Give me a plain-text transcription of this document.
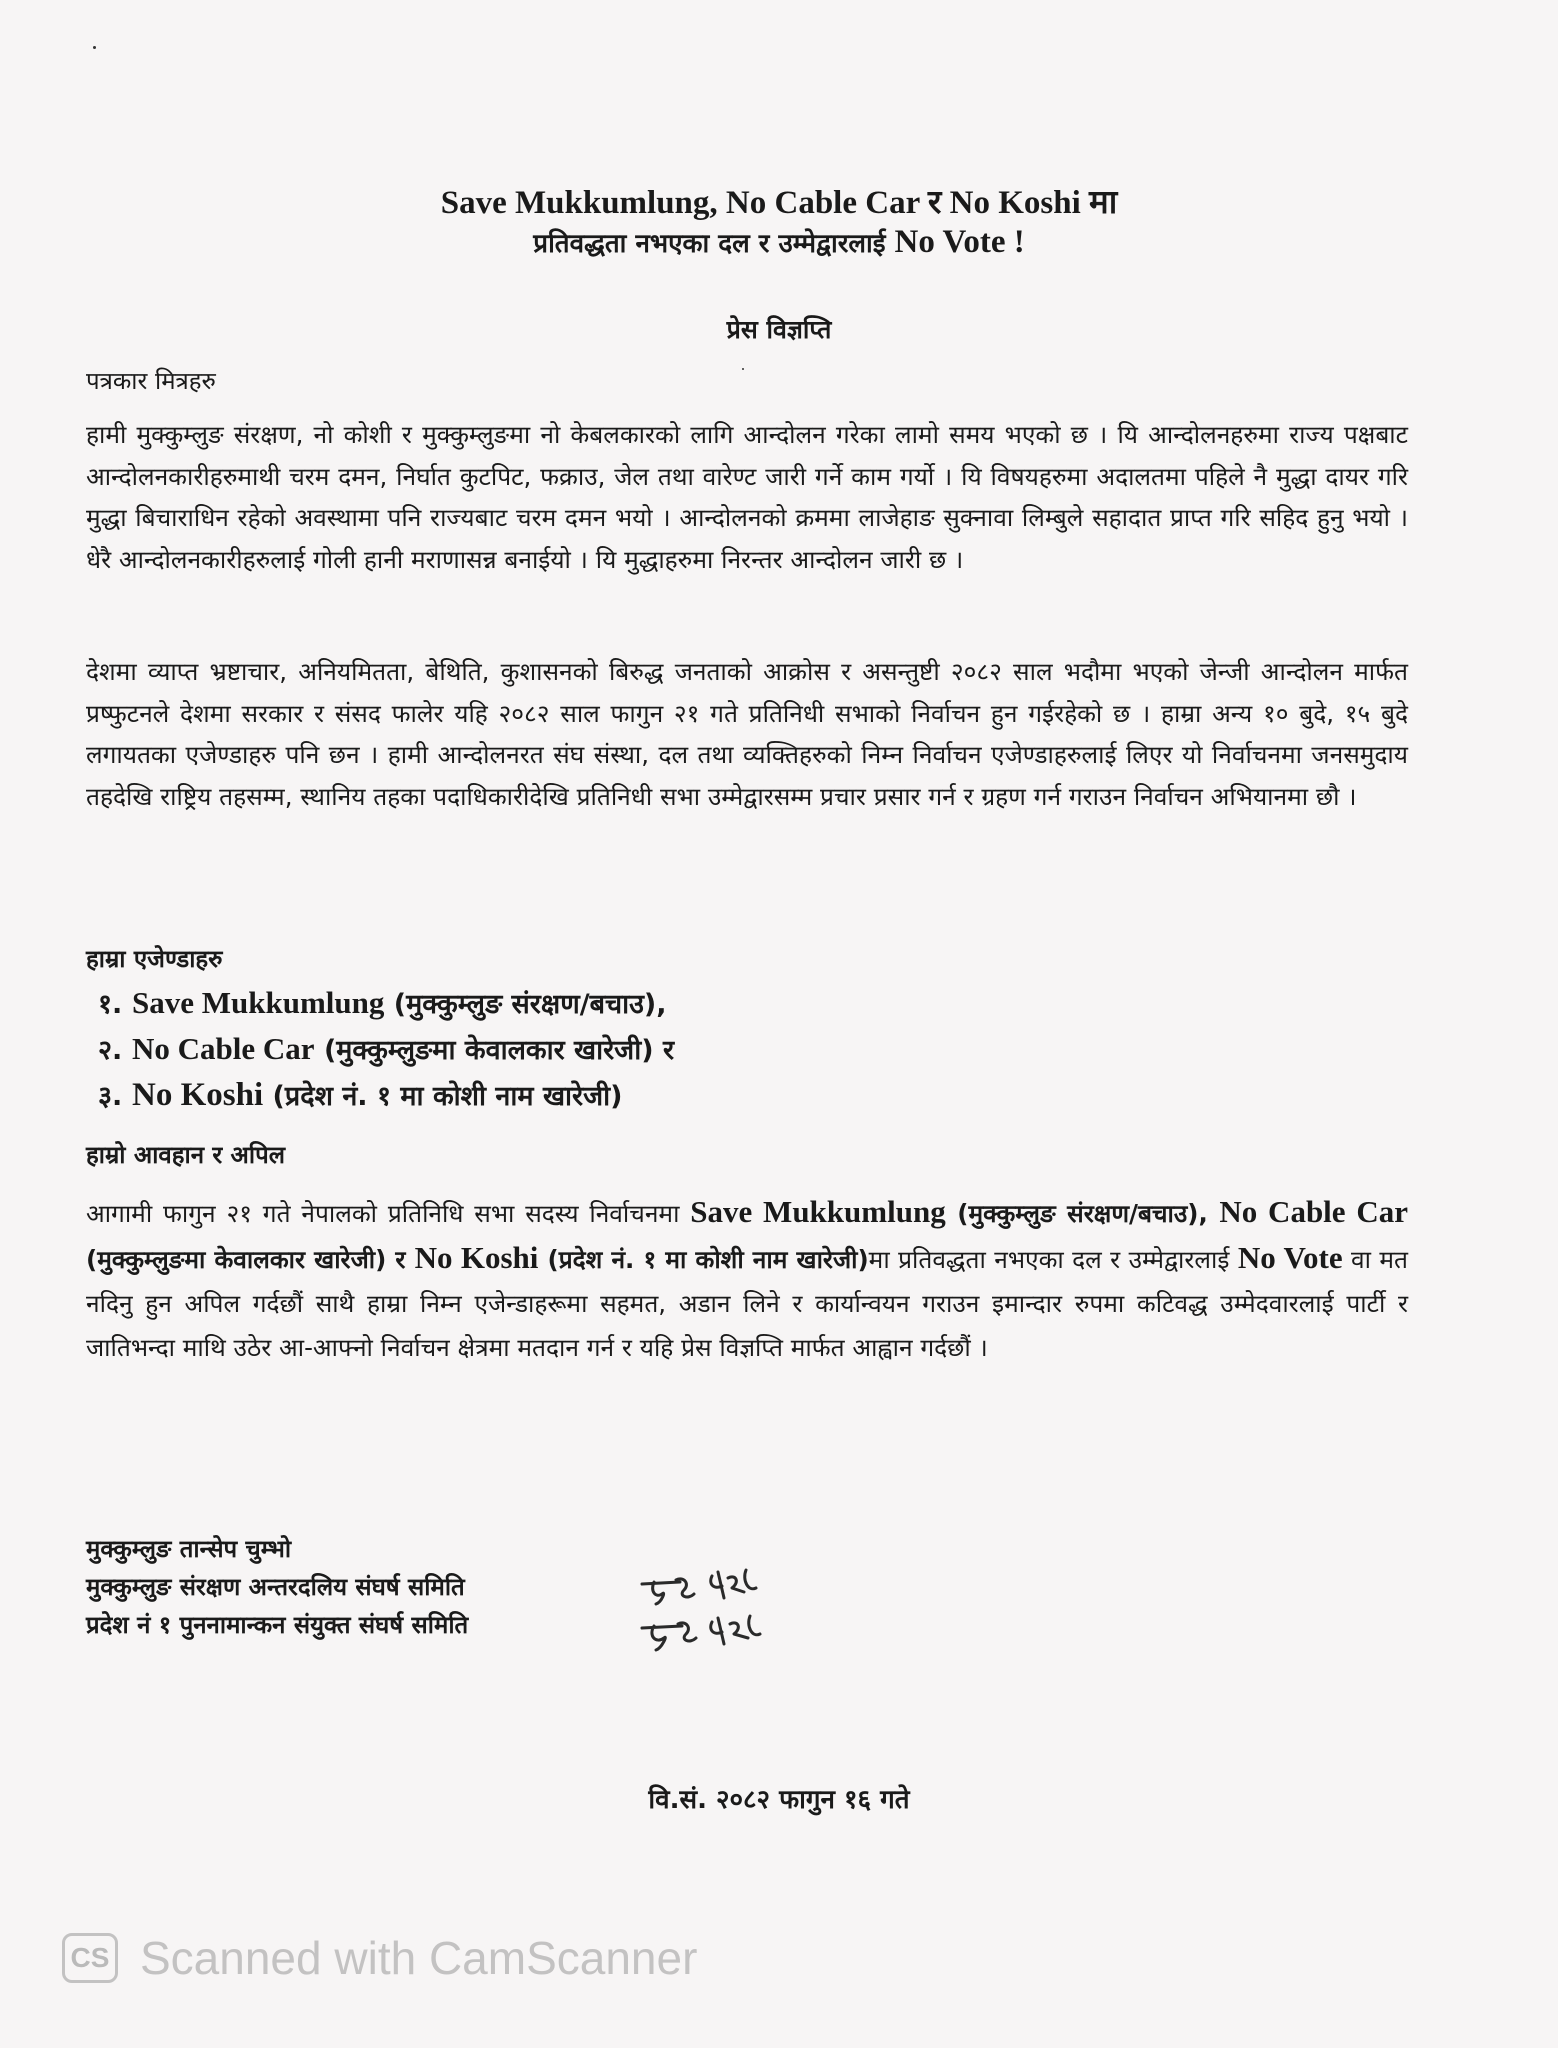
Save Mukkumlung, No Cable Car र No Koshi मा
प्रतिवद्धता नभएका दल र उम्मेद्वारलाई No Vote !
प्रेस विज्ञप्ति
पत्रकार मित्रहरु

हामी मुक्कुम्लुङ संरक्षण, नो कोशी र मुक्कुम्लुङमा नो केबलकारको लागि आन्दोलन गरेका लामो समय भएको छ । यि आन्दोलनहरुमा राज्य पक्षबाट आन्दोलनकारीहरुमाथी चरम दमन, निर्घात कुटपिट, फक्राउ, जेल तथा वारेण्ट जारी गर्ने काम गर्यो । यि विषयहरुमा अदालतमा पहिले नै मुद्धा दायर गरि मुद्धा बिचाराधिन रहेको अवस्थामा पनि राज्यबाट चरम दमन भयो । आन्दोलनको क्रममा लाजेहाङ सुक्नावा लिम्बुले सहादात प्राप्त गरि सहिद हुनु भयो । धेरै आन्दोलनकारीहरुलाई गोली हानी मराणासन्न बनाईयो । यि मुद्धाहरुमा निरन्तर आन्दोलन जारी छ ।

देशमा व्याप्त भ्रष्टाचार, अनियमितता, बेथिति, कुशासनको बिरुद्ध जनताको आक्रोस र असन्तुष्टी २०८२ साल भदौमा भएको जेन्जी आन्दोलन मार्फत प्रष्फुटनले देशमा सरकार र संसद फालेर यहि २०८२ साल फागुन २१ गते प्रतिनिधी सभाको निर्वाचन हुन गईरहेको छ । हाम्रा अन्य १० बुदे, १५ बुदे लगायतका एजेण्डाहरु पनि छन । हामी आन्दोलनरत संघ संस्था, दल तथा व्यक्तिहरुको निम्न निर्वाचन एजेण्डाहरुलाई लिएर यो निर्वाचनमा जनसमुदाय तहदेखि राष्ट्रिय तहसम्म, स्थानिय तहका पदाधिकारीदेखि प्रतिनिधी सभा उम्मेद्वारसम्म प्रचार प्रसार गर्न र ग्रहण गर्न गराउन निर्वाचन अभियानमा छौ ।

हाम्रा एजेण्डाहरु
१. Save Mukkumlung (मुक्कुम्लुङ संरक्षण/बचाउ),
२. No Cable Car (मुक्कुम्लुङमा केवालकार खारेजी) र
३. No Koshi (प्रदेश नं. १ मा कोशी नाम खारेजी)
हाम्रो आवहान र अपिल

आगामी फागुन २१ गते नेपालको प्रतिनिधि सभा सदस्य निर्वाचनमा Save Mukkumlung (मुक्कुम्लुङ संरक्षण/बचाउ), No Cable Car (मुक्कुम्लुङमा केवालकार खारेजी) र No Koshi (प्रदेश नं. १ मा कोशी नाम खारेजी)मा प्रतिवद्धता नभएका दल र उम्मेद्वारलाई No Vote वा मत नदिनु हुन अपिल गर्दछौं साथै हाम्रा निम्न एजेन्डाहरूमा सहमत, अडान लिने र कार्यान्वयन गराउन इमान्दार रुपमा कटिवद्ध उम्मेदवारलाई पार्टी र जातिभन्दा माथि उठेर आ-आफ्नो निर्वाचन क्षेत्रमा मतदान गर्न र यहि प्रेस विज्ञप्ति मार्फत आह्वान गर्दछौं ।

मुक्कुम्लुङ तान्सेप चुम्भो
मुक्कुम्लुङ संरक्षण अन्तरदलिय संघर्ष समिति
प्रदेश नं १ पुननामान्कन संयुक्त संघर्ष समिति
वि.सं. २०८२ फागुन १६ गते
CS Scanned with CamScanner
